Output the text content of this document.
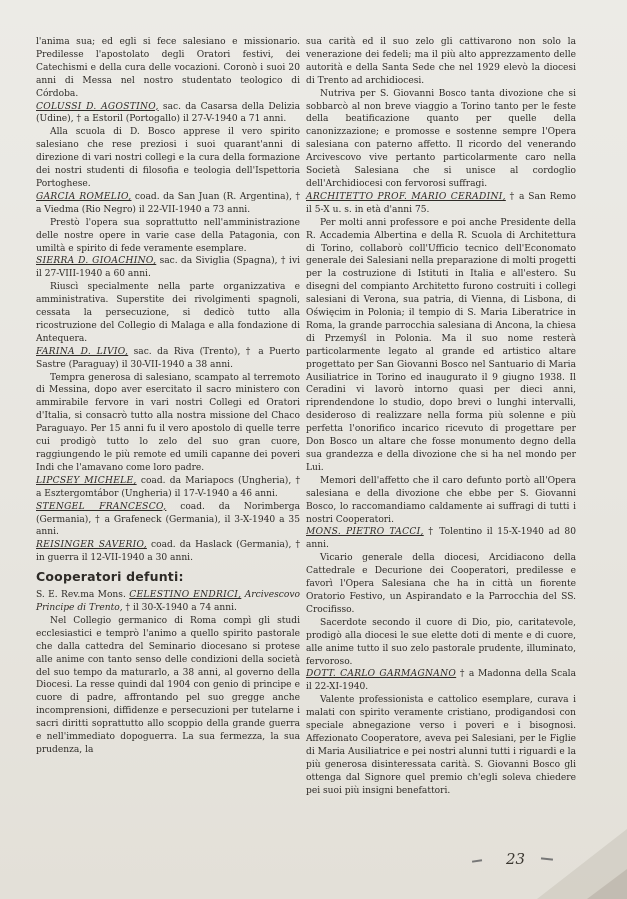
l'anima sua; ed egli si fece salesiano e missionario. Predilesse l'apostolato degli Oratori festivi, dei Catechismi e della cura delle vocazioni. Coronò i suoi 20 anni di Messa nel nostro studentato teologico di Córdoba.

COLUSSI D. AGOSTINO, sac. da Casarsa della Delizia (Udine), † a Estoril (Portogallo) il 27-V-1940 a 71 anni.

Alla scuola di D. Bosco apprese il vero spirito salesiano che rese preziosi i suoi quarant'anni di direzione di vari nostri collegi e la cura della formazione dei nostri studenti di filosofia e teologia dell'Ispettoria Portoghese.

GARCIA ROMELIO, coad. da San Juan (R. Argentina), † a Viedma (Rio Negro) il 22-VII-1940 a 73 anni.

Prestò l'opera sua soprattutto nell'amministrazione delle nostre opere in varie case della Patagonia, con umiltà e spirito di fede veramente esemplare.

SIERRA D. GIOACHINO, sac. da Siviglia (Spagna), † ivi il 27-VIII-1940 a 60 anni.

Riuscì specialmente nella parte organizzativa e amministrativa. Superstite dei rivolgimenti spagnoli, cessata la persecuzione, si dedicò tutto alla ricostruzione del Collegio di Malaga e alla fondazione di Antequera.

FARINA D. LIVIO, sac. da Riva (Trento), † a Puerto Sastre (Paraguay) il 30-VII-1940 a 38 anni.

Tempra generosa di salesiano, scampato al terremoto di Messina, dopo aver esercitato il sacro ministero con ammirabile fervore in vari nostri Collegi ed Oratori d'Italia, si consacrò tutto alla nostra missione del Chaco Paraguayo. Per 15 anni fu il vero apostolo di quelle terre cui prodigò tutto lo zelo del suo gran cuore, raggiungendo le più remote ed umili capanne dei poveri Indi che l'amavano come loro padre.

LIPCSEY MICHELE, coad. da Mariapocs (Ungheria), † a Esztergomtábor (Ungheria) il 17-V-1940 a 46 anni.

STENGEL FRANCESCO, coad. da Norimberga (Germania), † a Grafeneck (Germania), il 3-X-1940 a 35 anni.

REISINGER SAVERIO, coad. da Haslack (Germania), † in guerra il 12-VII-1940 a 30 anni.

Cooperatori defunti:

S. E. Rev.ma Mons. CELESTINO ENDRICI, Arcivescovo Principe di Trento, † il 30-X-1940 a 74 anni.

Nel Collegio germanico di Roma compì gli studi ecclesiastici e temprò l'animo a quello spirito pastorale che dalla cattedra del Seminario diocesano si protese alle anime con tanto senso delle condizioni della società del suo tempo da maturarlo, a 38 anni, al governo della Diocesi. La resse quindi dal 1904 con genio di principe e cuore di padre, affrontando pel suo gregge anche incomprensioni, diffidenze e persecuzioni per tutelarne i sacri diritti soprattutto allo scoppio della grande guerra e nell'immediato dopoguerra. La sua fermezza, la sua prudenza, la

sua carità ed il suo zelo gli cattivarono non solo la venerazione dei fedeli; ma il più alto apprezzamento delle autorità e della Santa Sede che nel 1929 elevò la diocesi di Trento ad archidiocesi.

Nutriva per S. Giovanni Bosco tanta divozione che si sobbarcò al non breve viaggio a Torino tanto per le feste della beatificazione quanto per quelle della canonizzazione; e promosse e sostenne sempre l'Opera salesiana con paterno affetto. Il ricordo del venerando Arcivescovo vive pertanto particolarmente caro nella Società Salesiana che si unisce al cordoglio dell'Archidiocesi con fervorosi suffragi.

ARCHITETTO PROF. MARIO CERADINI, † a San Remo il 5-X u. s. in età d'anni 75.

Per molti anni professore e poi anche Presidente della R. Accademia Albertina e della R. Scuola di Architettura di Torino, collaborò coll'Ufficio tecnico dell'Economato generale dei Salesiani nella preparazione di molti progetti per la costruzione di Istituti in Italia e all'estero. Su disegni del compianto Architetto furono costruiti i collegi salesiani di Verona, sua patria, di Vienna, di Lisbona, di Oświęcim in Polonia; il tempio di S. Maria Liberatrice in Roma, la grande parrocchia salesiana di Ancona, la chiesa di Przemyśl in Polonia. Ma il suo nome resterà particolarmente legato al grande ed artistico altare progettato per San Giovanni Bosco nel Santuario di Maria Ausiliatrice in Torino ed inaugurato il 9 giugno 1938. Il Ceradini vi lavorò intorno quasi per dieci anni, riprendendone lo studio, dopo brevi o lunghi intervalli, desideroso di realizzare nella forma più solenne e più perfetta l'onorifico incarico ricevuto di progettare per Don Bosco un altare che fosse monumento degno della sua grandezza e della divozione che si ha nel mondo per Lui.

Memori dell'affetto che il caro defunto portò all'Opera salesiana e della divozione che ebbe per S. Giovanni Bosco, lo raccomandiamo caldamente ai suffragi di tutti i nostri Cooperatori.

MONS. PIETRO TACCI, † Tolentino il 15-X-1940 ad 80 anni.

Vicario generale della diocesi, Arcidiacono della Cattedrale e Decurione dei Cooperatori, predilesse e favorì l'Opera Salesiana che ha in città un fiorente Oratorio Festivo, un Aspirandato e la Parrocchia del SS. Crocifisso.

Sacerdote secondo il cuore di Dio, pio, caritatevole, prodigò alla diocesi le sue elette doti di mente e di cuore, alle anime tutto il suo zelo pastorale prudente, illuminato, fervoroso.

DOTT. CARLO GARMAGNANO † a Madonna della Scala il 22-XI-1940.

Valente professionista e cattolico esemplare, curava i malati con spirito veramente cristiano, prodigandosi con speciale abnegazione verso i poveri e i bisognosi. Affezionato Cooperatore, aveva pei Salesiani, per le Figlie di Maria Ausiliatrice e pei nostri alunni tutti i riguardi e la più generosa disinteressata carità. S. Giovanni Bosco gli ottenga dal Signore quel premio ch'egli soleva chiedere pei suoi più insigni benefattori.

23
